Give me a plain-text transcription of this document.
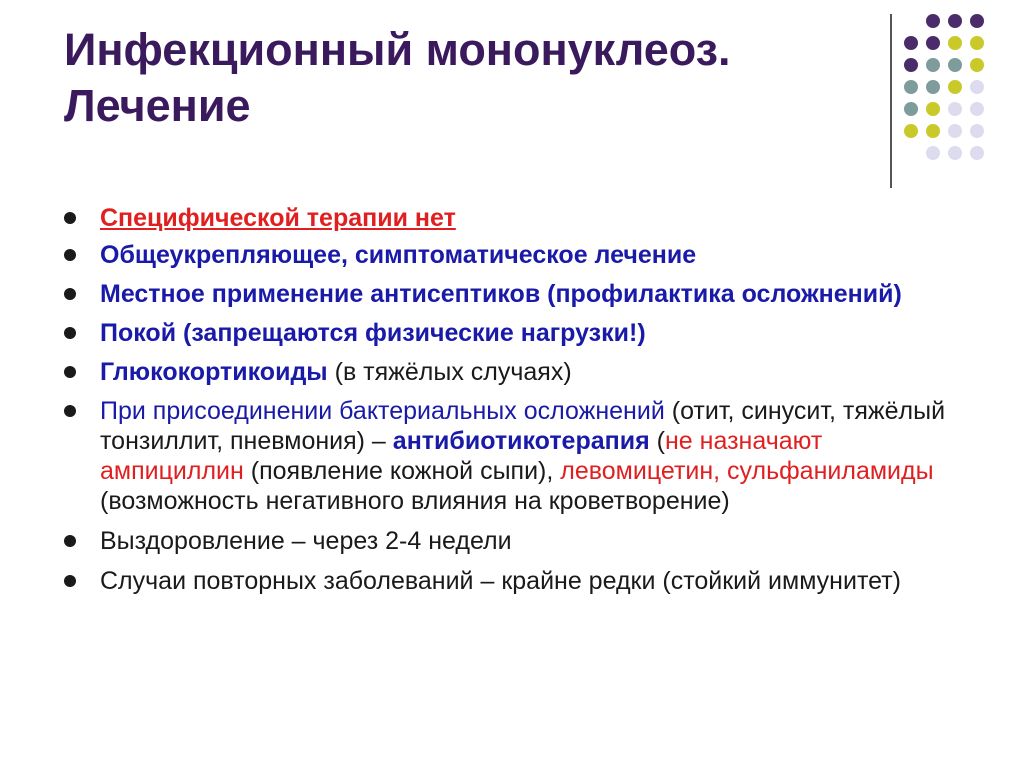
Инфекционный мононуклеоз.
Лечение
Специфической терапии нет
Общеукрепляющее, симптоматическое лечение
Местное применение антисептиков (профилактика осложнений)
Покой (запрещаются физические нагрузки!)
Глюкокортикоиды (в тяжёлых случаях)
При присоединении бактериальных осложнений (отит, синусит, тяжёлый тонзиллит, пневмония) – антибиотикотерапия (не назначают ампициллин (появление кожной сыпи), левомицетин, сульфаниламиды (возможность негативного влияния на кроветворение)
Выздоровление – через 2-4 недели
Случаи повторных заболеваний – крайне редки (стойкий иммунитет)
